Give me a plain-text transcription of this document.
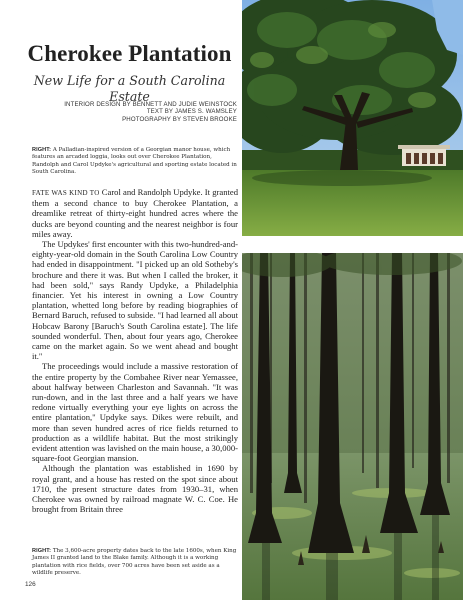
Cherokee Plantation
New Life for a South Carolina Estate
INTERIOR DESIGN BY BENNETT AND JUDIE WEINSTOCK
TEXT BY JAMES S. WAMSLEY
PHOTOGRAPHY BY STEVEN BROOKE
RIGHT: A Palladian-inspired version of a Georgian manor house, which features an arcaded loggia, looks out over Cherokee Plantation, Randolph and Carol Updyke's agricultural and sporting estate located in South Carolina.

FATE WAS KIND TO Carol and Randolph Updyke. It granted them a second chance to buy Cherokee Plantation, a dreamlike retreat of thirty-eight hundred acres where the ducks are beyond counting and the nearest neighbor is four miles away.

The Updykes' first encounter with this two-hundred-and-eighty-year-old domain in the South Carolina Low Country had ended in disappointment. "I picked up an old Sotheby's brochure and there it was. But when I called the broker, it had been sold," says Randy Updyke, a Philadelphia financier. Yet his interest in owning a Low Country plantation, whetted long before by reading biographies of Bernard Baruch, refused to subside. "I had learned all about Hobcaw Barony [Baruch's South Carolina estate]. The life sounded wonderful. Then, about four years ago, Cherokee came on the market again. So we went ahead and bought it."

The proceedings would include a massive restoration of the entire property by the Combahee River near Yemassee, about halfway between Charleston and Savannah. "It was run-down, and in the last three and a half years we have redone virtually everything your eye lights on across the entire plantation," Updyke says. Dikes were rebuilt, and more than seven hundred acres of rice fields returned to production as a wildlife habitat. But the most strikingly evident attention was lavished on the main house, a 30,000-square-foot Georgian mansion.

Although the plantation was established in 1690 by royal grant, and a house has rested on the spot since about 1710, the present structure dates from 1930–31, when Cherokee was owned by railroad magnate W. C. Coe. He brought from Britain three

RIGHT: The 3,600-acre property dates back to the late 1600s, when King James II granted land to the Blake family. Although it is a working plantation with rice fields, over 700 acres have been set aside as a wildlife preserve.
126
